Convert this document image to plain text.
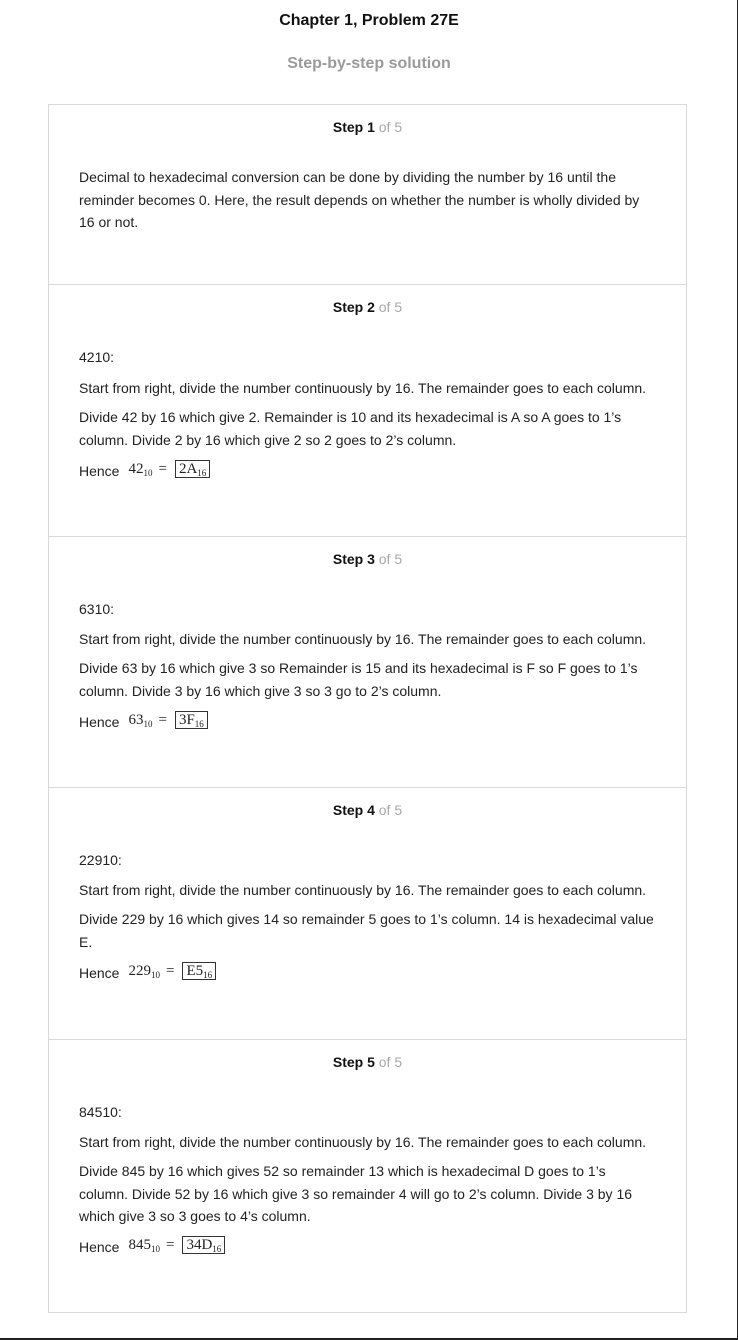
Chapter 1, Problem 27E
Step-by-step solution
Step 1 of 5

Decimal to hexadecimal conversion can be done by dividing the number by 16 until the reminder becomes 0. Here, the result depends on whether the number is wholly divided by 16 or not.

Step 2 of 5

4210:

Start from right, divide the number continuously by 16. The remainder goes to each column.

Divide 42 by 16 which give 2. Remainder is 10 and its hexadecimal is A so A goes to 1’s column. Divide 2 by 16 which give 2 so 2 goes to 2’s column.

Hence $42_{10} = 2A_{16}$
Step 3 of 5

6310:

Start from right, divide the number continuously by 16. The remainder goes to each column.

Divide 63 by 16 which give 3 so Remainder is 15 and its hexadecimal is F so F goes to 1’s column. Divide 3 by 16 which give 3 so 3 go to 2’s column.

Hence $63_{10} = 3F_{16}$
Step 4 of 5

22910:

Start from right, divide the number continuously by 16. The remainder goes to each column.

Divide 229 by 16 which gives 14 so remainder 5 goes to 1’s column. 14 is hexadecimal value E.

Hence $229_{10} = E5_{16}$
Step 5 of 5

84510:

Start from right, divide the number continuously by 16. The remainder goes to each column.

Divide 845 by 16 which gives 52 so remainder 13 which is hexadecimal D goes to 1’s column. Divide 52 by 16 which give 3 so remainder 4 will go to 2’s column. Divide 3 by 16 which give 3 so 3 goes to 4’s column.

Hence $845_{10} = 34D_{16}$
